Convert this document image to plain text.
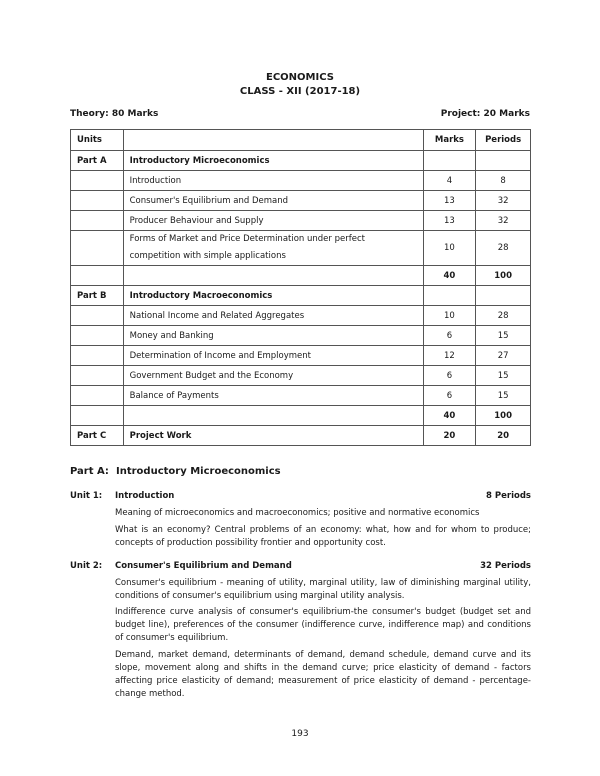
ECONOMICS
CLASS - XII (2017-18)
Theory: 80 Marks	Project: 20 Marks
Units		Marks	Periods
Part A	Introductory Microeconomics		
	Introduction	4	8
	Consumer's Equilibrium and Demand	13	32
	Producer Behaviour and Supply	13	32
	Forms of Market and Price Determination under perfect competition with simple applications	10	28
		40	100
Part B	Introductory Macroeconomics		
	National Income and Related Aggregates	10	28
	Money and Banking	6	15
	Determination of Income and Employment	12	27
	Government Budget and the Economy	6	15
	Balance of Payments	6	15
		40	100
Part C	Project Work	20	20
Part A: Introductory Microeconomics
Unit 1: Introduction	8 Periods
Meaning of microeconomics and macroeconomics; positive and normative economics
What is an economy? Central problems of an economy: what, how and for whom to produce; concepts of production possibility frontier and opportunity cost.
Unit 2: Consumer's Equilibrium and Demand	32 Periods
Consumer's equilibrium - meaning of utility, marginal utility, law of diminishing marginal utility, conditions of consumer's equilibrium using marginal utility analysis.
Indifference curve analysis of consumer's equilibrium-the consumer's budget (budget set and budget line), preferences of the consumer (indifference curve, indifference map) and conditions of consumer's equilibrium.
Demand, market demand, determinants of demand, demand schedule, demand curve and its slope, movement along and shifts in the demand curve; price elasticity of demand - factors affecting price elasticity of demand; measurement of price elasticity of demand - percentage-change method.
193
